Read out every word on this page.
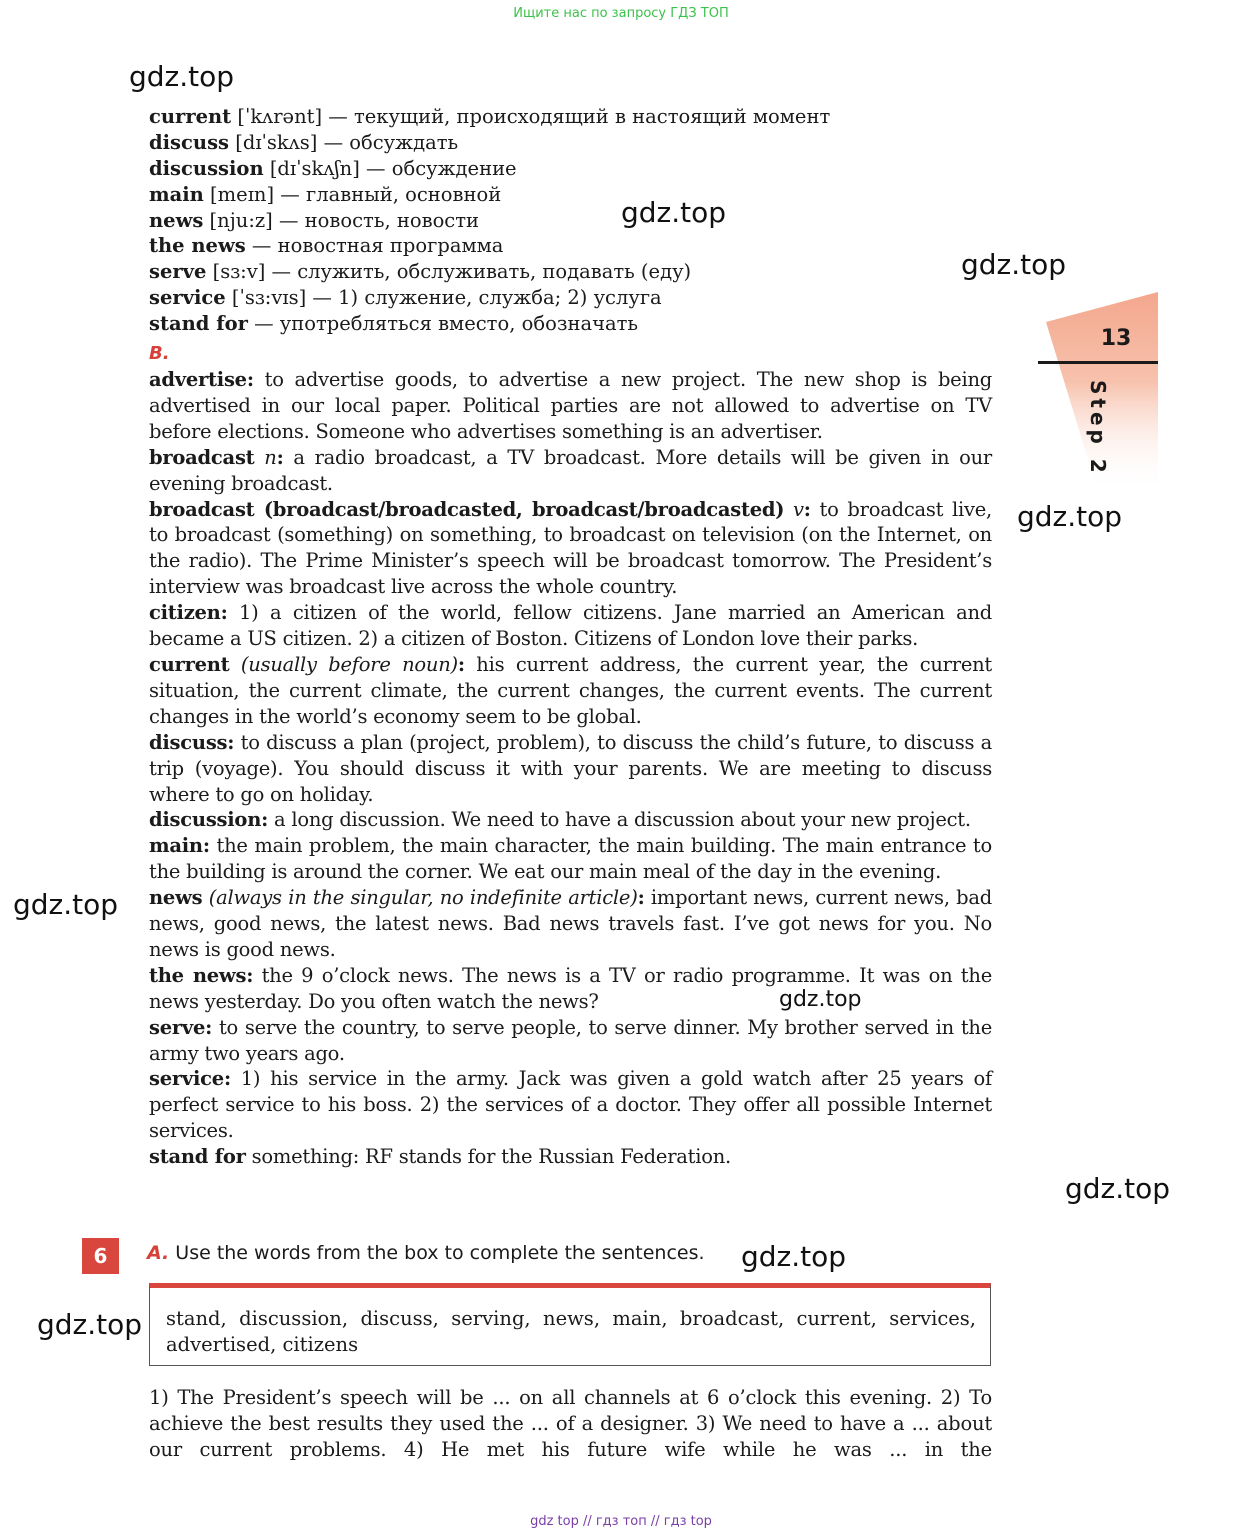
Ищите нас по запросу ГДЗ ТОП
gdz.top
gdz.top
gdz.top
gdz.top
gdz.top
gdz.top
gdz.top
gdz.top
gdz.top
current [ˈkʌrənt] — текущий, происходящий в настоящий момент
discuss [dɪˈskʌs] — обсуждать
discussion [dɪˈskʌʃn] — обсуждение
main [meɪn] — главный, основной
news [nju:z] — новость, новости
the news — новостная программа
serve [sɜ:v] — служить, обслуживать, подавать (еду)
service [ˈsɜ:vɪs] — 1) служение, служба; 2) услуга
stand for — употребляться вместо, обозначать
B.

advertise: to advertise goods, to advertise a new project. The new shop is being advertised in our local paper. Political parties are not allowed to advertise on TV before elections. Someone who advertises something is an advertiser.

broadcast n: a radio broadcast, a TV broadcast. More details will be given in our evening broadcast.

broadcast (broadcast/broadcasted, broadcast/broadcasted) v: to broadcast live, to broadcast (something) on something, to broadcast on television (on the Internet, on the radio). The Prime Minister’s speech will be broadcast tomorrow. The President’s interview was broadcast live across the whole country.

citizen: 1) a citizen of the world, fellow citizens. Jane married an American and became a US citizen. 2) a citizen of Boston. Citizens of London love their parks.

current (usually before noun): his current address, the current year, the current situation, the current climate, the current changes, the current events. The current changes in the world’s economy seem to be global.

discuss: to discuss a plan (project, problem), to discuss the child’s future, to discuss a trip (voyage). You should discuss it with your parents. We are meeting to discuss where to go on holiday.

discussion: a long discussion. We need to have a discussion about your new project.

main: the main problem, the main character, the main building. The main entrance to the building is around the corner. We eat our main meal of the day in the evening.

news (always in the singular, no indefinite article): important news, current news, bad news, good news, the latest news. Bad news travels fast. I’ve got news for you. No news is good news.

the news: the 9 o’clock news. The news is a TV or radio programme. It was on the news yesterday. Do you often watch the news?

serve: to serve the country, to serve people, to serve dinner. My brother served in the army two years ago.

service: 1) his service in the army. Jack was given a gold watch after 25 years of perfect service to his boss. 2) the services of a doctor. They offer all possible Internet services.

stand for something: RF stands for the Russian Federation.

13
Step 2
6	A. Use the words from the box to complete the sentences.
stand, discussion, discuss, serving, news, main, broadcast, current, services, advertised, citizens
1) The President’s speech will be ... on all channels at 6 o’clock this evening. 2) To achieve the best results they used the ... of a designer. 3) We need to have a ... about our current problems. 4) He met his future wife while he was ... in the
gdz top // гдз топ // гдз top
